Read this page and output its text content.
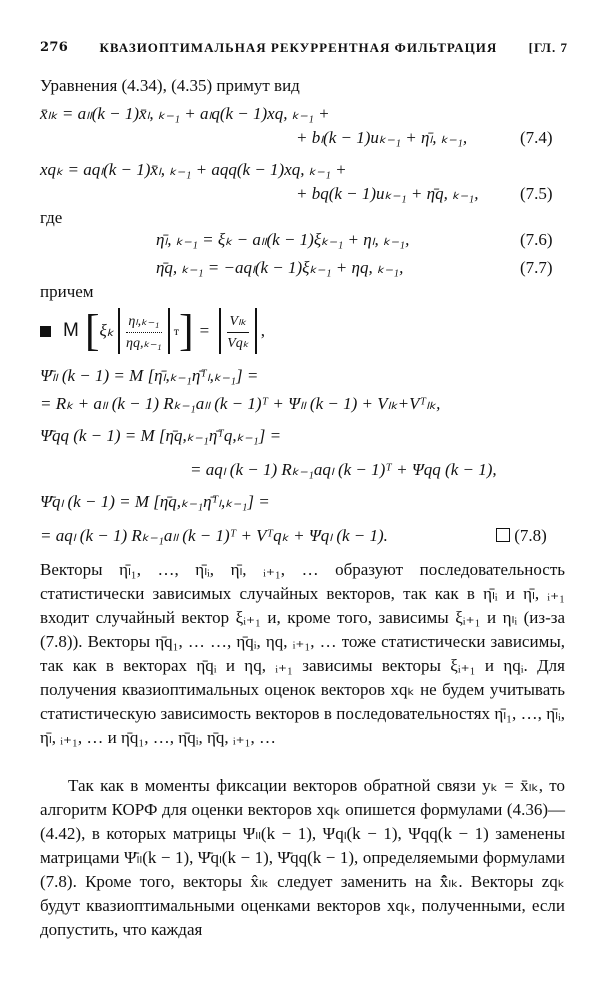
276 КВАЗИОПТИМАЛЬНАЯ РЕКУРРЕНТНАЯ ФИЛЬТРАЦИЯ [ГЛ. 7
Уравнения (4.34), (4.35) примут вид
x̄ₗₖ = aₗₗ(k − 1)x̄ₗ, ₖ₋₁ + aₗq(k − 1)xq, ₖ₋₁ +
+ bₗ(k − 1)uₖ₋₁ + η̄ₗ, ₖ₋₁,	(7.4)
xqₖ = aqₗ(k − 1)x̄ₗ, ₖ₋₁ + aqq(k − 1)xq, ₖ₋₁ +
+ bq(k − 1)uₖ₋₁ + η̄q, ₖ₋₁, (7.5)
где
η̄ₗ, ₖ₋₁ = ξₖ − aₗₗ(k − 1)ξₖ₋₁ + ηₗ, ₖ₋₁,	(7.6)
η̄q, ₖ₋₁ = −aqₗ(k − 1)ξₖ₋₁ + ηq, ₖ₋₁,	(7.7)
причем
M [ ξₖ $\frac{\text{ηₗ,ₖ₋₁}}{\text{ηq,ₖ₋₁}}$ т ] = Vₗₖ
Vqₖ
,
Ψ̄ₗₗ (k − 1) = M [η̄ₗ,ₖ₋₁η̄ᵀₗ,ₖ₋₁] =
= Rₖ + aₗₗ (k − 1) Rₖ₋₁aₗₗ (k − 1)ᵀ + Ψₗₗ (k − 1) + Vₗₖ+Vᵀₗₖ,
Ψ̄qq (k − 1) = M [η̄q,ₖ₋₁η̄ᵀq,ₖ₋₁] =
= aqₗ (k − 1) Rₖ₋₁aqₗ (k − 1)ᵀ + Ψqq (k − 1),
Ψ̄qₗ (k − 1) = M [η̄q,ₖ₋₁η̄ᵀₗ,ₖ₋₁] =
= aqₗ (k − 1) Rₖ₋₁aₗₗ (k − 1)ᵀ + Vᵀqₖ + Ψqₗ (k − 1).	(7.8)
Векторы η̄ₗ₁, …, η̄ₗᵢ, η̄ₗ, ᵢ₊₁, … образуют последовательность статистически зависимых случайных векторов, так как в η̄ₗᵢ и η̄ₗ, ᵢ₊₁ входит случайный вектор ξᵢ₊₁ и, кроме того, зависимы ξᵢ₊₁ и ηₗᵢ (из-за (7.8)). Векторы η̄q₁, … …, η̄qᵢ, ηq, ᵢ₊₁, … тоже статистически зависимы, так как в векторах η̄qᵢ и ηq, ᵢ₊₁ зависимы векторы ξᵢ₊₁ и ηqᵢ. Для получения квазиоптимальных оценок векторов xqₖ не будем учитывать статистическую зависимость векторов в последовательностях η̄ₗ₁, …, η̄ₗᵢ, η̄ₗ, ᵢ₊₁, … и η̄q₁, …, η̄qᵢ, η̄q, ᵢ₊₁, …
Так как в моменты фиксации векторов обратной связи yₖ = x̄ₗₖ, то алгоритм КОРФ для оценки векторов xqₖ опишется формулами (4.36)—(4.42), в которых матрицы Ψₗₗ(k − 1), Ψqₗ(k − 1), Ψqq(k − 1) заменены матрицами Ψ̄ₗₗ(k − 1), Ψ̄qₗ(k − 1), Ψ̄qq(k − 1), определяемыми формулами (7.8). Кроме того, векторы x̂ₗₖ следует заменить на x̄̂ₗₖ. Векторы zqₖ будут квазиоптимальными оценками векторов xqₖ, полученными, если допустить, что каждая
